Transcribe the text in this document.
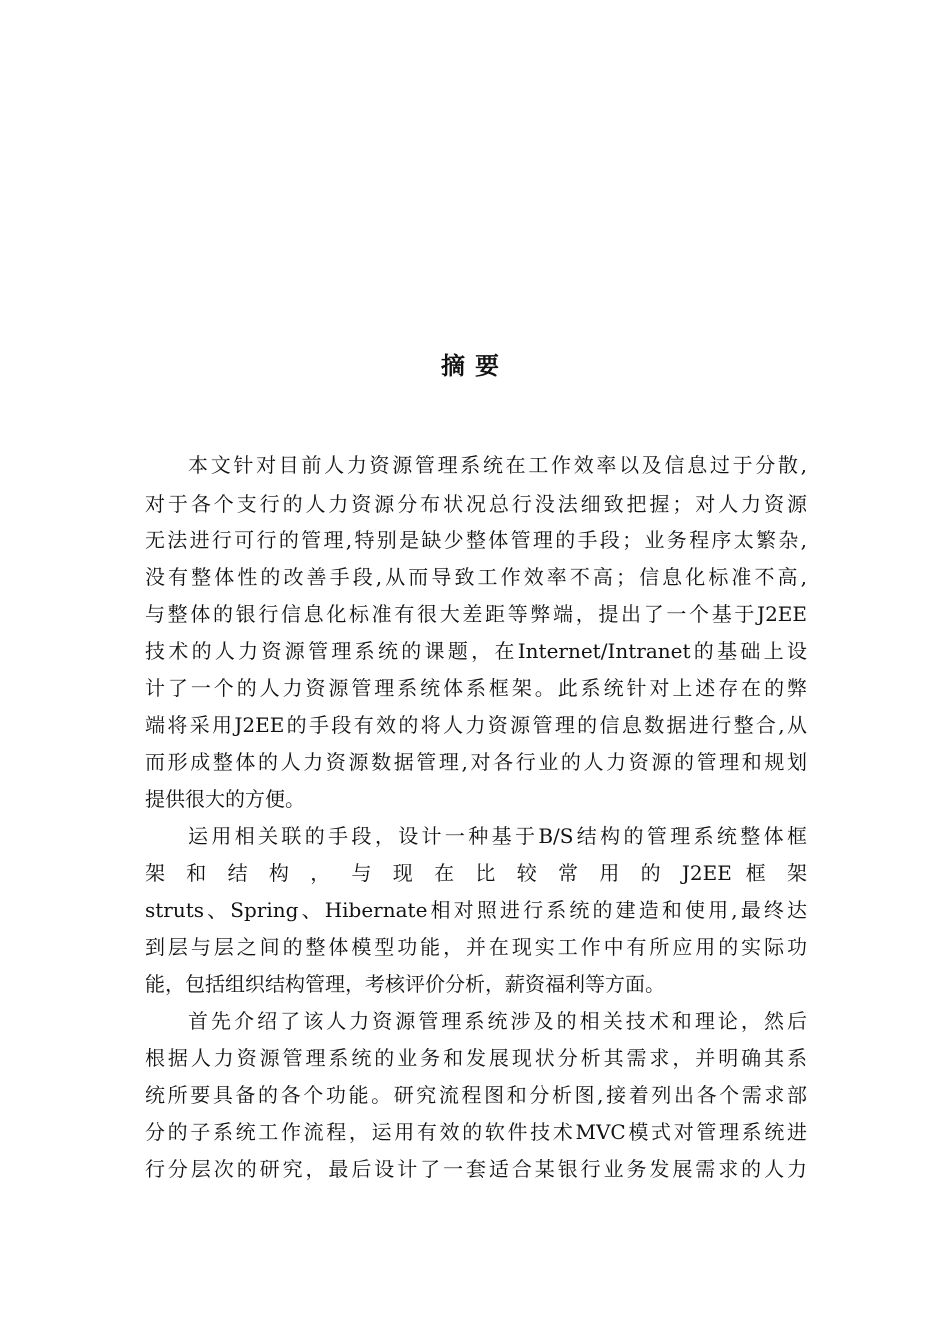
摘要
本文针对目前人力资源管理系统在工作效率以及信息过于分散,
对于各个支行的人力资源分布状况总行没法细致把握；对人力资源
无法进行可行的管理,特别是缺少整体管理的手段；业务程序太繁杂,
没有整体性的改善手段,从而导致工作效率不高；信息化标准不高,
与整体的银行信息化标准有很大差距等弊端，提出了一个基于J2EE
技术的人力资源管理系统的课题，在Internet/Intranet的基础上设
计了一个的人力资源管理系统体系框架。此系统针对上述存在的弊
端将采用J2EE的手段有效的将人力资源管理的信息数据进行整合,从
而形成整体的人力资源数据管理,对各行业的人力资源的管理和规划
提供很大的方便。
运用相关联的手段，设计一种基于B/S结构的管理系统整体框
架 和 结 构 ， 与 现 在 比 较 常 用 的 J2EE 框 架
struts、Spring、Hibernate相对照进行系统的建造和使用,最终达
到层与层之间的整体模型功能，并在现实工作中有所应用的实际功
能，包括组织结构管理，考核评价分析，薪资福利等方面。
首先介绍了该人力资源管理系统涉及的相关技术和理论，然后
根据人力资源管理系统的业务和发展现状分析其需求，并明确其系
统所要具备的各个功能。研究流程图和分析图,接着列出各个需求部
分的子系统工作流程，运用有效的软件技术MVC模式对管理系统进
行分层次的研究，最后设计了一套适合某银行业务发展需求的人力
